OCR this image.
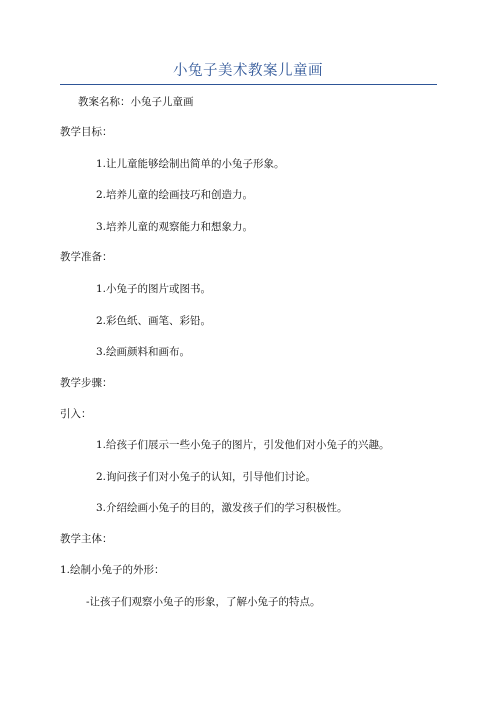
小兔子美术教案儿童画
教案名称：小兔子儿童画
教学目标：
1.让儿童能够绘制出简单的小兔子形象。
2.培养儿童的绘画技巧和创造力。
3.培养儿童的观察能力和想象力。
教学准备：
1.小兔子的图片或图书。
2.彩色纸、画笔、彩铅。
3.绘画颜料和画布。
教学步骤：
引入：
1.给孩子们展示一些小兔子的图片，引发他们对小兔子的兴趣。
2.询问孩子们对小兔子的认知，引导他们讨论。
3.介绍绘画小兔子的目的，激发孩子们的学习积极性。
教学主体：
1.绘制小兔子的外形：
-让孩子们观察小兔子的形象，了解小兔子的特点。
